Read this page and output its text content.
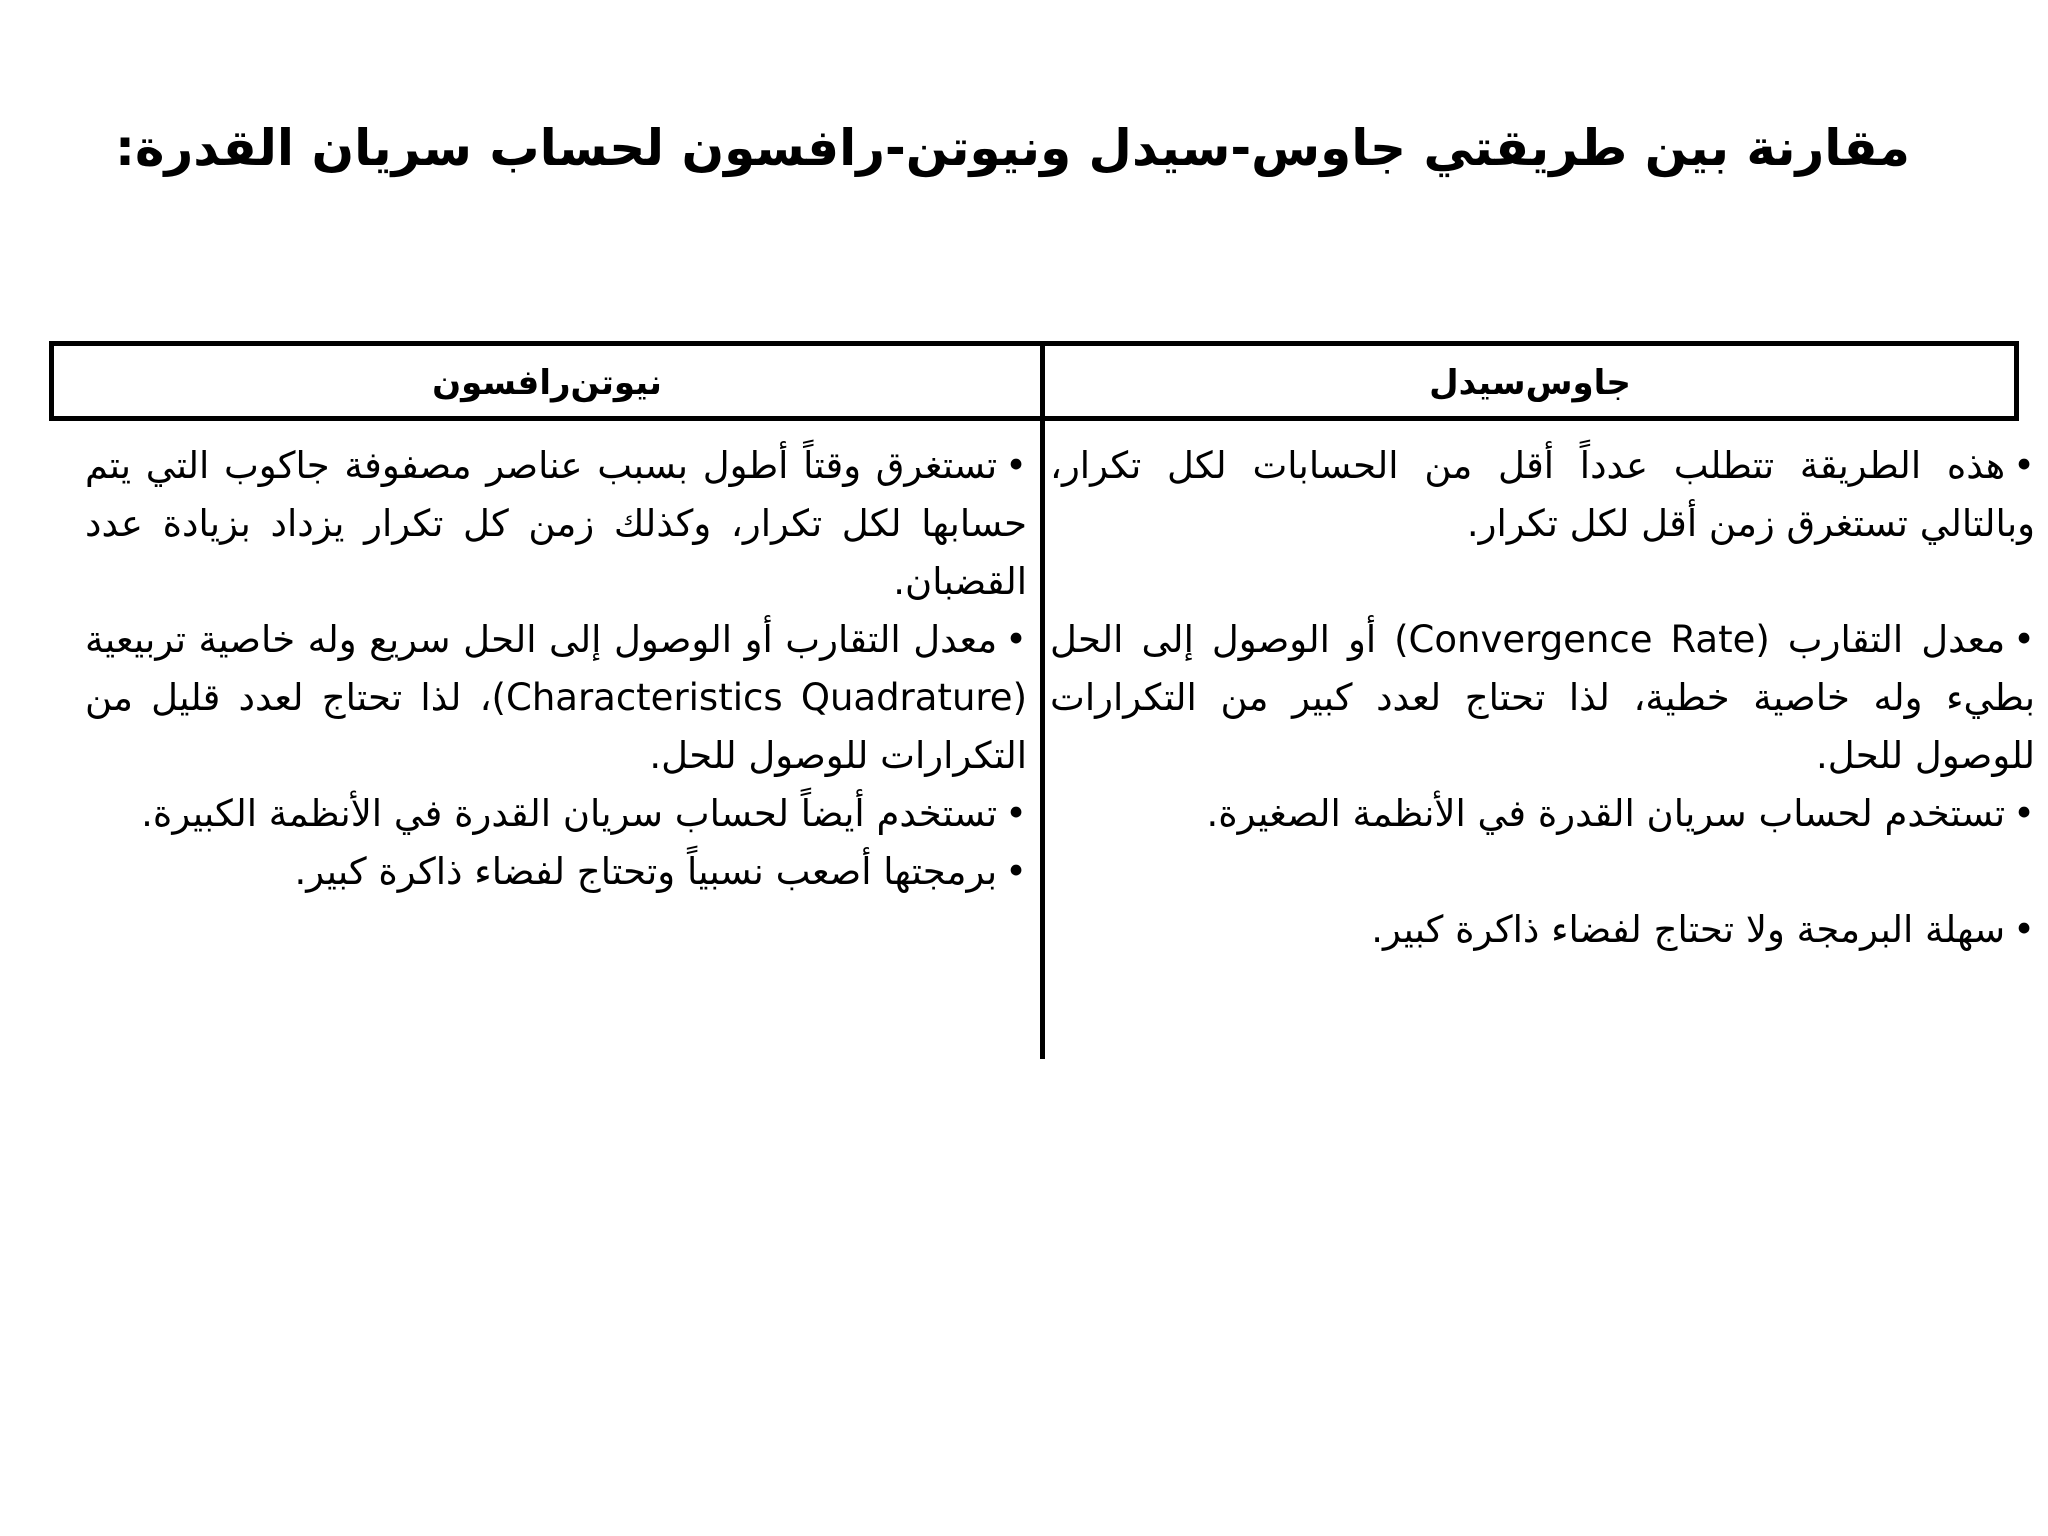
مقارنة بين طريقتي جاوس-سيدل ونيوتن-رافسون لحساب سريان القدرة:
جاوس‌سيدل
نيوتن‌رافسون

•هذه الطريقة تتطلب عدداً أقل من الحسابات لكل تكرار، وبالتالي تستغرق زمن أقل لكل تكرار.

•معدل التقارب (Convergence Rate) أو الوصول إلى الحل بطيء وله خاصية خطية، لذا تحتاج لعدد كبير من التكرارات للوصول للحل.

•تستخدم لحساب سريان القدرة في الأنظمة الصغيرة.

•سهلة البرمجة ولا تحتاج لفضاء ذاكرة كبير.

•تستغرق وقتاً أطول بسبب عناصر مصفوفة جاكوب التي يتم حسابها لكل تكرار، وكذلك زمن كل تكرار يزداد بزيادة عدد القضبان.

•معدل التقارب أو الوصول إلى الحل سريع وله خاصية تربيعية (Characteristics Quadrature)، لذا تحتاج لعدد قليل من التكرارات للوصول للحل.

•تستخدم أيضاً لحساب سريان القدرة في الأنظمة الكبيرة.

•برمجتها أصعب نسبياً وتحتاج لفضاء ذاكرة كبير.
